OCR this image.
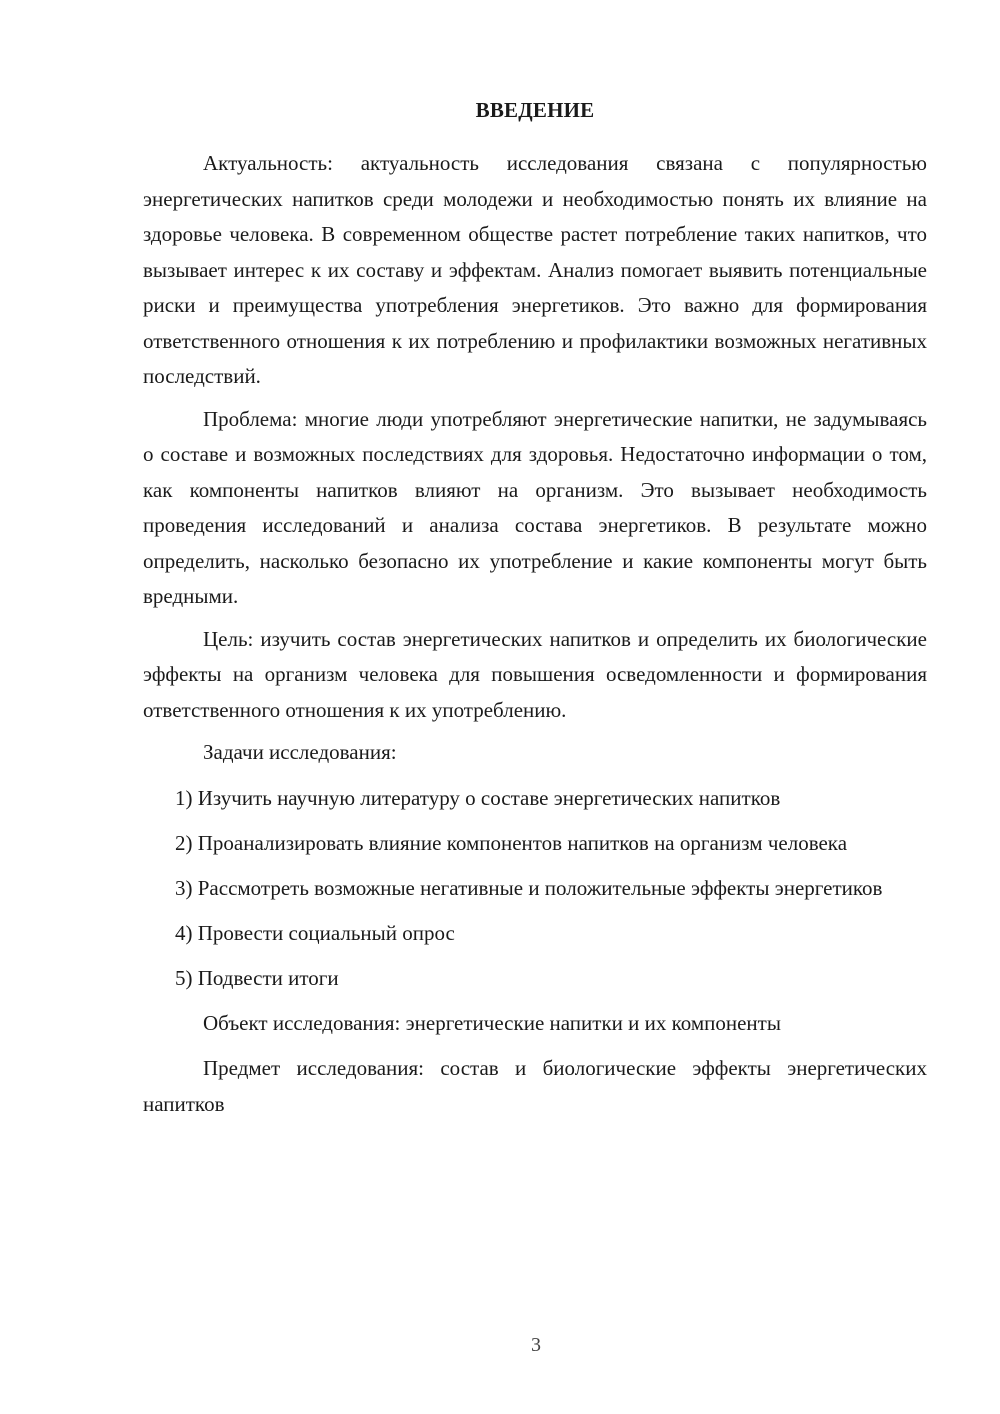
ВВЕДЕНИЕ

Актуальность: актуальность исследования связана с популярностью энергетических напитков среди молодежи и необходимостью понять их влияние на здоровье человека. В современном обществе растет потребление таких напитков, что вызывает интерес к их составу и эффектам. Анализ помогает выявить потенциальные риски и преимущества употребления энергетиков. Это важно для формирования ответственного отношения к их потреблению и профилактики возможных негативных последствий.

Проблема: многие люди употребляют энергетические напитки, не задумываясь о составе и возможных последствиях для здоровья. Недостаточно информации о том, как компоненты напитков влияют на организм. Это вызывает необходимость проведения исследований и анализа состава энергетиков. В результате можно определить, насколько безопасно их употребление и какие компоненты могут быть вредными.

Цель: изучить состав энергетических напитков и определить их биологические эффекты на организм человека для повышения осведомленности и формирования ответственного отношения к их употреблению.

Задачи исследования:

1) Изучить научную литературу о составе энергетических напитков

2) Проанализировать влияние компонентов напитков на организм человека

3) Рассмотреть возможные негативные и положительные эффекты энергетиков

4) Провести социальный опрос

5) Подвести итоги

Объект исследования: энергетические напитки и их компоненты

Предмет исследования: состав и биологические эффекты энергетических напитков

3
